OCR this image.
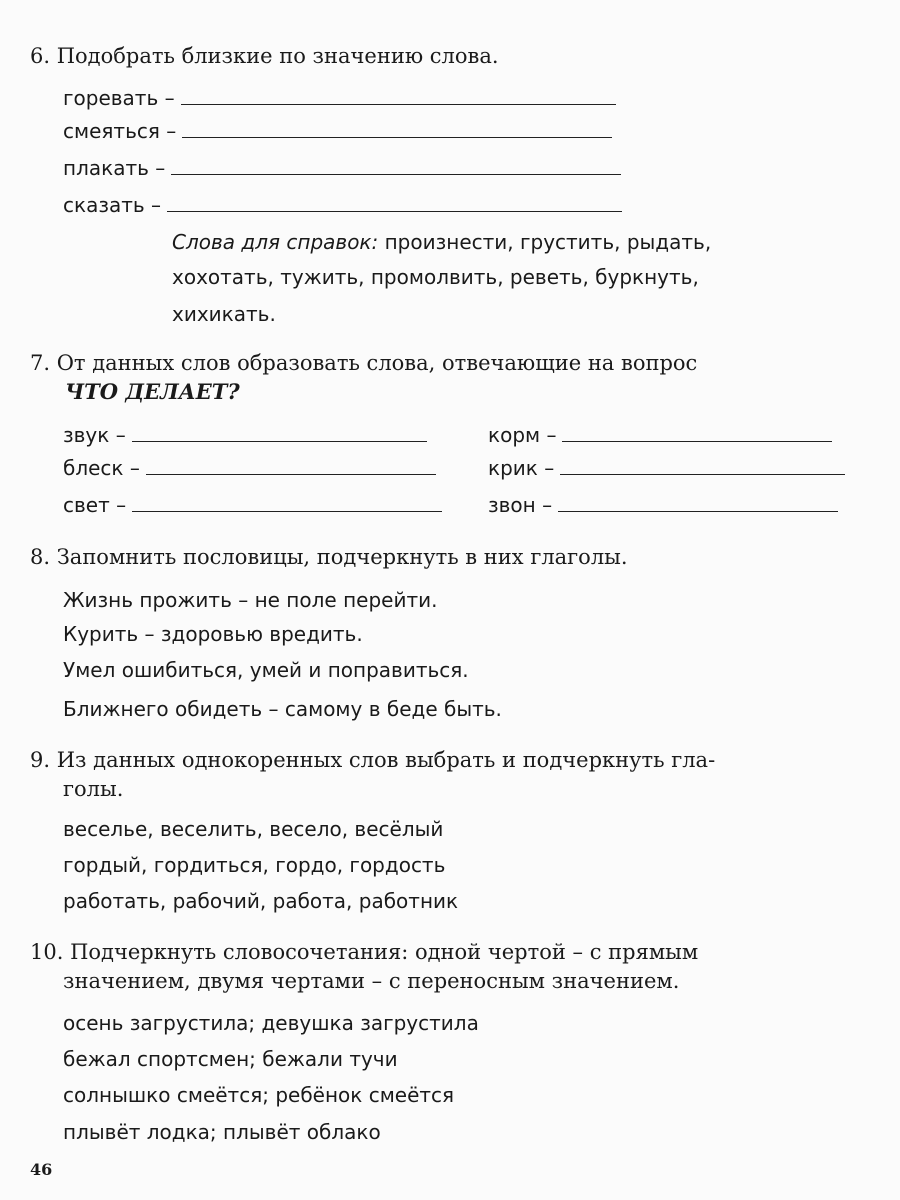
6. Подобрать близкие по значению слова.
горевать –
смеяться –
плакать –
сказать –
Слова для справок: произнести, грустить, рыдать,
хохотать, тужить, промолвить, реветь, буркнуть,
хихикать.
7. От данных слов образовать слова, отвечающие на вопрос
ЧТО ДЕЛАЕТ?
звук –
блеск –
свет –
корм –
крик –
звон –
8. Запомнить пословицы, подчеркнуть в них глаголы.
Жизнь прожить – не поле перейти.
Курить – здоровью вредить.
Умел ошибиться, умей и поправиться.
Ближнего обидеть – самому в беде быть.
9. Из данных однокоренных слов выбрать и подчеркнуть гла-
голы.
веселье, веселить, весело, весёлый
гордый, гордиться, гордо, гордость
работать, рабочий, работа, работник
10. Подчеркнуть словосочетания: одной чертой – с прямым
значением, двумя чертами – с переносным значением.
осень загрустила; девушка загрустила
бежал спортсмен; бежали тучи
солнышко смеётся; ребёнок смеётся
плывёт лодка; плывёт облако
46
